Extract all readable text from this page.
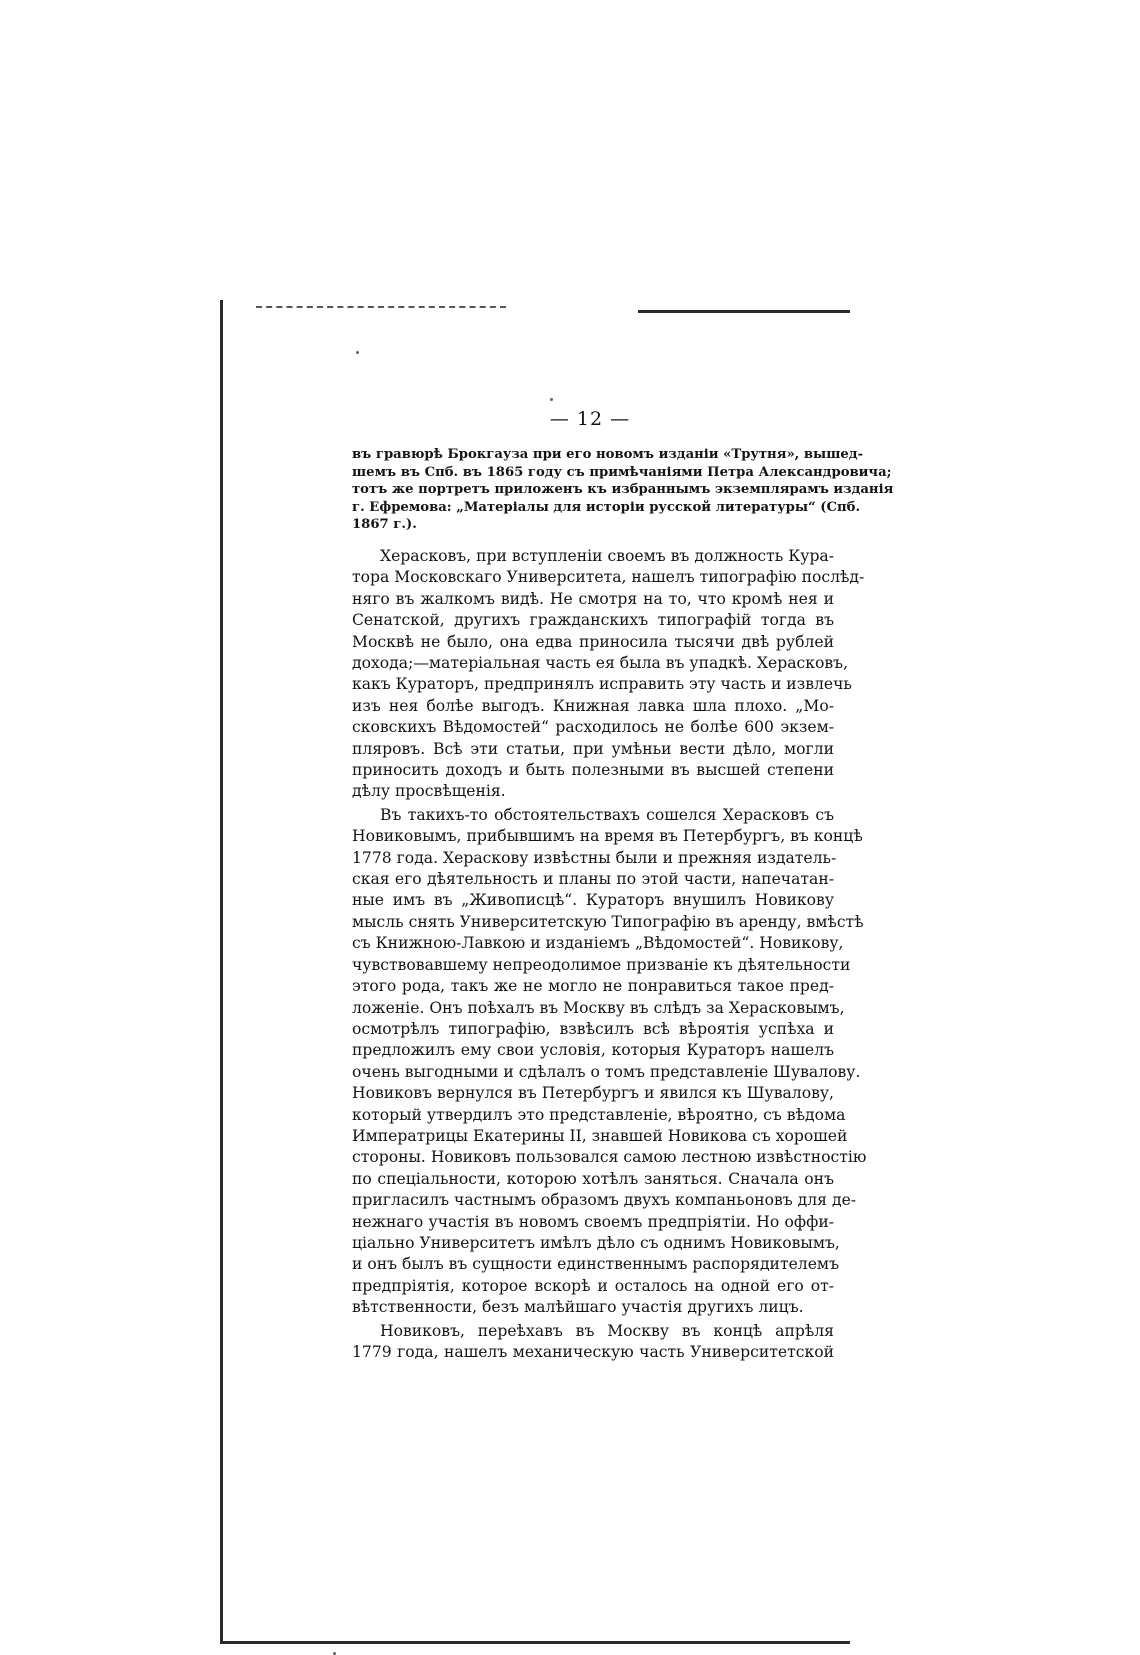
— 12 —

въ гравюрѣ Брокгауза при его новомъ изданіи «Трутня», вышед-
шемъ въ Спб. въ 1865 году съ примѣчаніями Петра Александровича;
тотъ же портретъ приложенъ къ избраннымъ экземплярамъ изданія
г. Ефремова: „Матеріалы для исторіи русской литературы“ (Спб.
1867 г.).

Херасковъ, при вступленіи своемъ въ должность Кура-
тора Московскаго Университета, нашелъ типографію послѣд-
няго въ жалкомъ видѣ. Не смотря на то, что кромѣ нея и
Сенатской, другихъ гражданскихъ типографій тогда въ
Москвѣ не было, она едва приносила тысячи двѣ рублей
дохода;—матеріальная часть ея была въ упадкѣ. Херасковъ,
какъ Кураторъ, предпринялъ исправить эту часть и извлечь
изъ нея болѣе выгодъ. Книжная лавка шла плохо. „Мо-
сковскихъ Вѣдомостей“ расходилось не болѣе 600 экзем-
пляровъ. Всѣ эти статьи, при умѣньи вести дѣло, могли
приносить доходъ и быть полезными въ высшей степени
дѣлу просвѣщенія.

Въ такихъ-то обстоятельствахъ сошелся Херасковъ съ
Новиковымъ, прибывшимъ на время въ Петербургъ, въ концѣ
1778 года. Хераскову извѣстны были и прежняя издатель-
ская его дѣятельность и планы по этой части, напечатан-
ные имъ въ „Живописцѣ“. Кураторъ внушилъ Новикову
мысль снять Университетскую Типографію въ аренду, вмѣстѣ
съ Книжною-Лавкою и изданіемъ „Вѣдомостей“. Новикову,
чувствовавшему непреодолимое призваніе къ дѣятельности
этого рода, такъ же не могло не понравиться такое пред-
ложеніе. Онъ поѣхалъ въ Москву въ слѣдъ за Херасковымъ,
осмотрѣлъ типографію, взвѣсилъ всѣ вѣроятія успѣха и
предложилъ ему свои условія, которыя Кураторъ нашелъ
очень выгодными и сдѣлалъ о томъ представленіе Шувалову.
Новиковъ вернулся въ Петербургъ и явился къ Шувалову,
который утвердилъ это представленіе, вѣроятно, съ вѣдома
Императрицы Екатерины II, знавшей Новикова съ хорошей
стороны. Новиковъ пользовался самою лестною извѣстностію
по спеціальности, которою хотѣлъ заняться. Сначала онъ
пригласилъ частнымъ образомъ двухъ компаньоновъ для де-
нежнаго участія въ новомъ своемъ предпріятіи. Но оффи-
ціально Университетъ имѣлъ дѣло съ однимъ Новиковымъ,
и онъ былъ въ сущности единственнымъ распорядителемъ
предпріятія, которое вскорѣ и осталось на одной его от-
вѣтственности, безъ малѣйшаго участія другихъ лицъ.

Новиковъ, переѣхавъ въ Москву въ концѣ апрѣля
1779 года, нашелъ механическую часть Университетской
